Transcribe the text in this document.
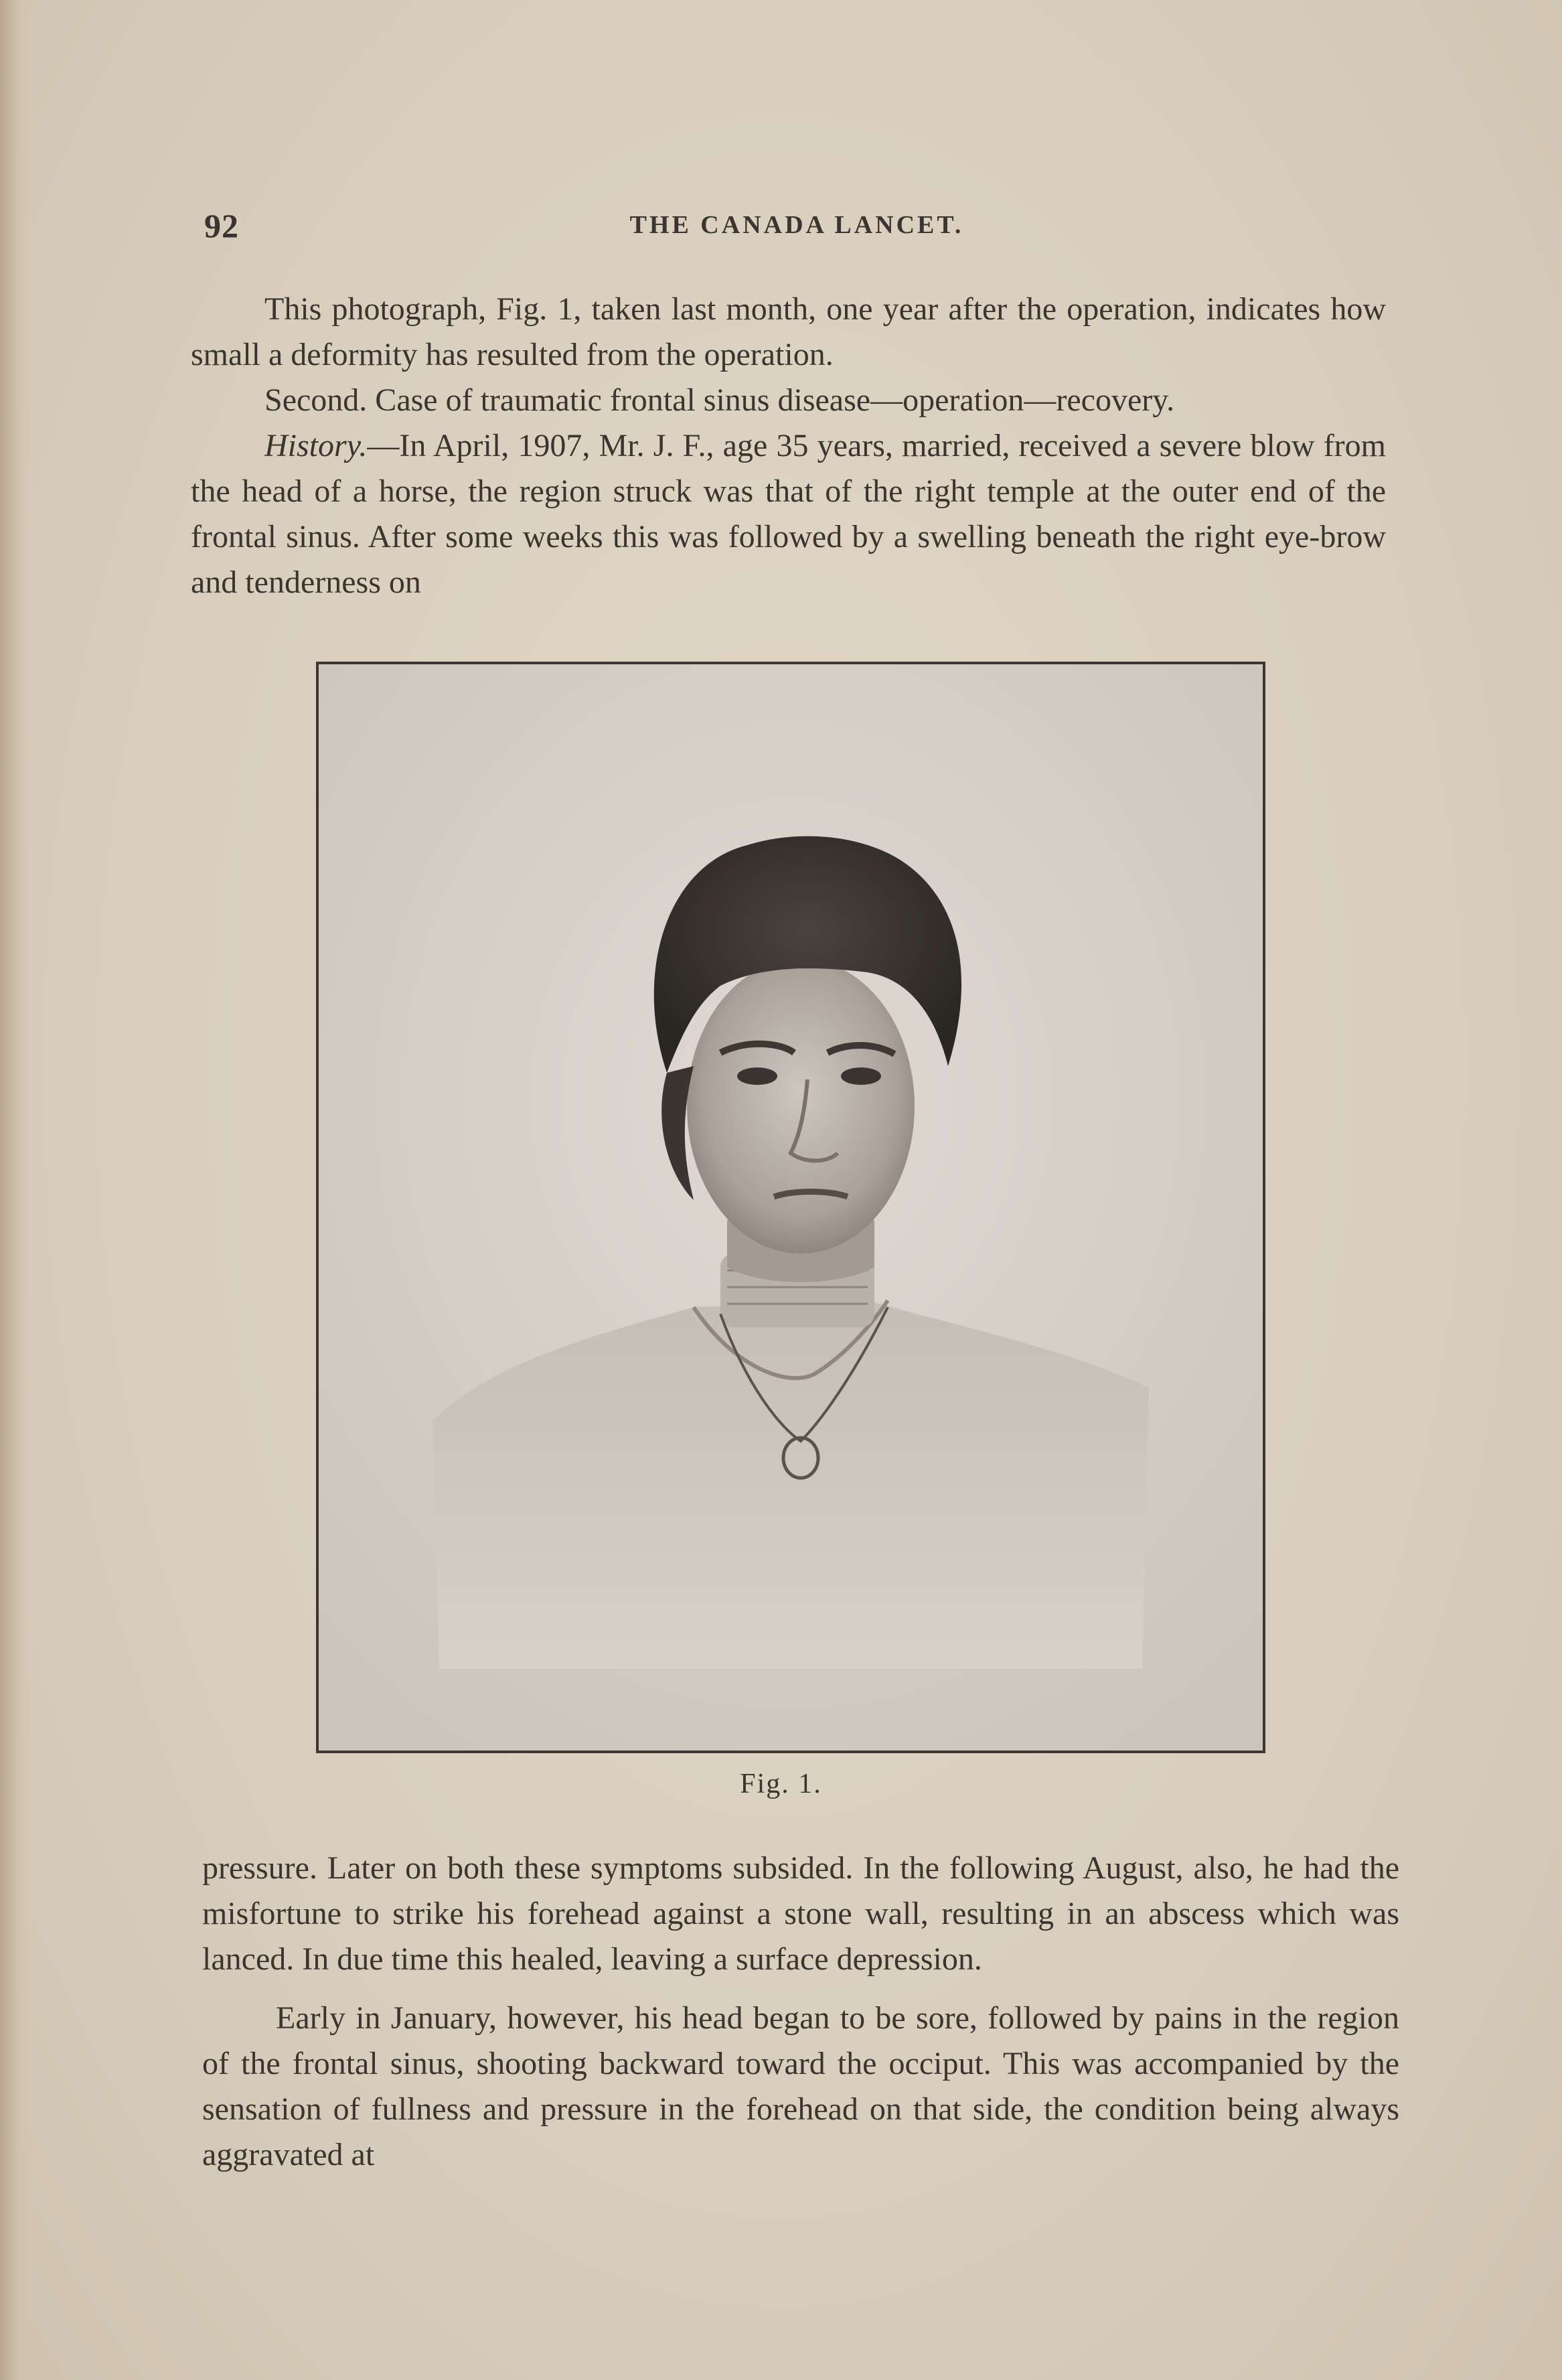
92	THE CANADA LANCET.

This photograph, Fig. 1, taken last month, one year after the operation, indicates how small a deformity has resulted from the operation.

Second. Case of traumatic frontal sinus disease—operation—recovery.

History.—In April, 1907, Mr. J. F., age 35 years, married, received a severe blow from the head of a horse, the region struck was that of the right temple at the outer end of the frontal sinus. After some weeks this was followed by a swelling beneath the right eye-brow and tenderness on

Fig. 1.

pressure. Later on both these symptoms subsided. In the following August, also, he had the misfortune to strike his forehead against a stone wall, resulting in an abscess which was lanced. In due time this healed, leaving a surface depression.

Early in January, however, his head began to be sore, followed by pains in the region of the frontal sinus, shooting backward toward the occiput. This was accompanied by the sensation of fullness and pressure in the forehead on that side, the condition being always aggravated at
